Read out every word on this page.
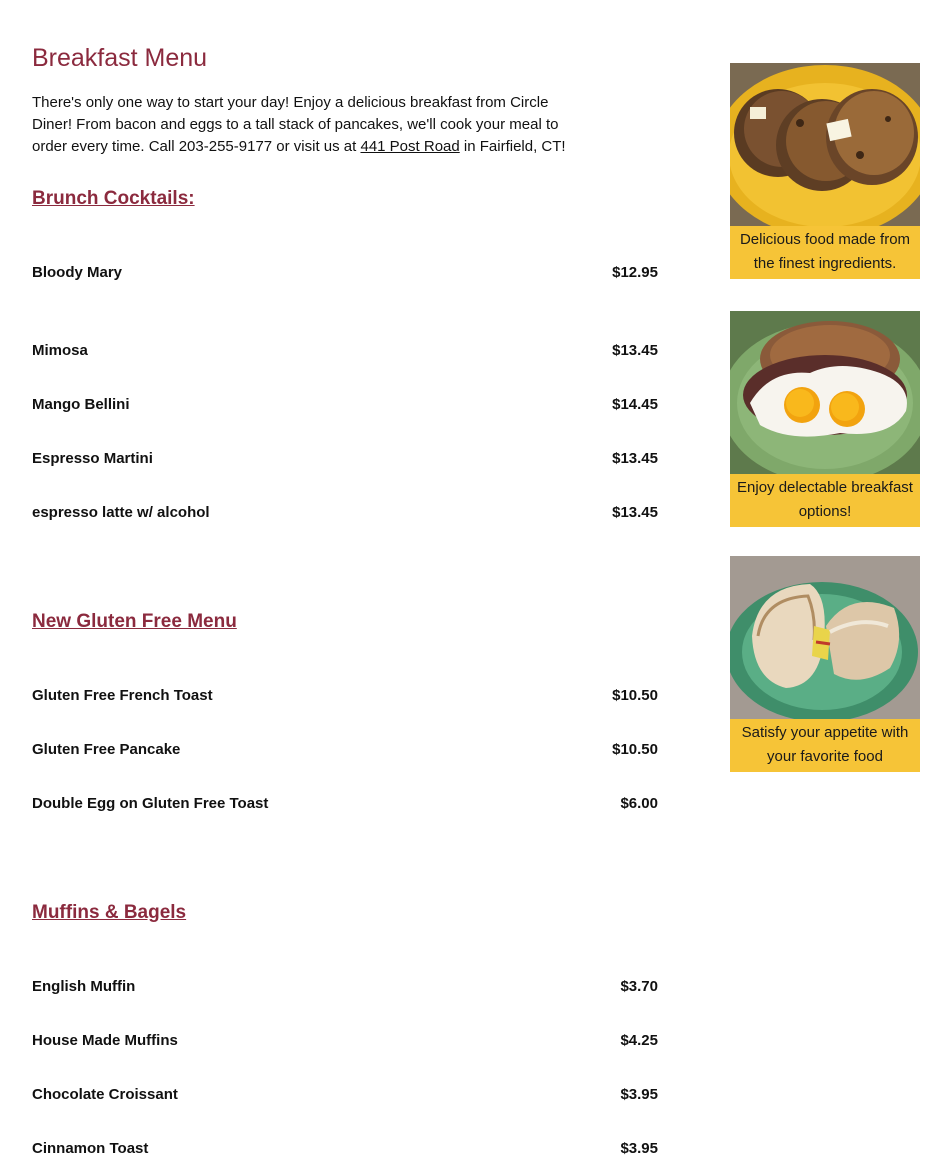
Breakfast Menu

There's only one way to start your day! Enjoy a delicious breakfast from Circle Diner! From bacon and eggs to a tall stack of pancakes, we'll cook your meal to order every time. Call 203-255-9177 or visit us at 441 Post Road in Fairfield, CT!

Brunch Cocktails:
Bloody Mary	$12.95
Mimosa	$13.45
Mango Bellini	$14.45
Espresso Martini	$13.45
espresso latte w/ alcohol	$13.45
New Gluten Free Menu
Gluten Free French Toast	$10.50
Gluten Free Pancake	$10.50
Double Egg on Gluten Free Toast	$6.00
Muffins & Bagels
English Muffin	$3.70
House Made Muffins	$4.25
Chocolate Croissant	$3.95
Cinnamon Toast	$3.95
Delicious food made from the finest ingredients.
Enjoy delectable breakfast options!
Satisfy your appetite with your favorite food
